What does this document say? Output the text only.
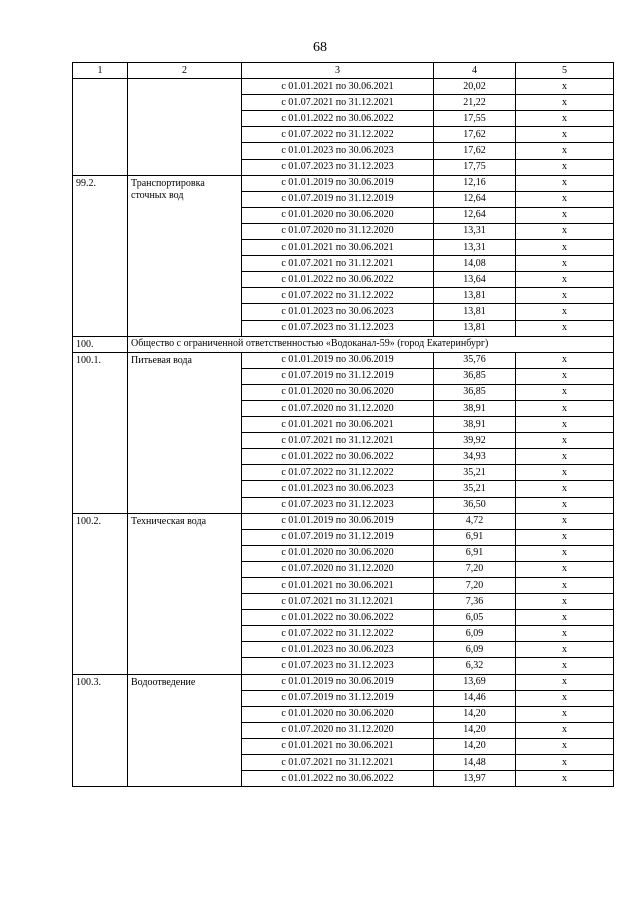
68
1	2	3	4	5
		с 01.01.2021 по 30.06.2021	20,02	x
		с 01.07.2021 по 31.12.2021	21,22	x
		с 01.01.2022 по 30.06.2022	17,55	x
		с 01.07.2022 по 31.12.2022	17,62	x
		с 01.01.2023 по 30.06.2023	17,62	x
		с 01.07.2023 по 31.12.2023	17,75	x
99.2.	Транспортировка сточных вод	с 01.01.2019 по 30.06.2019	12,16	x
		с 01.07.2019 по 31.12.2019	12,64	x
		с 01.01.2020 по 30.06.2020	12,64	x
		с 01.07.2020 по 31.12.2020	13,31	x
		с 01.01.2021 по 30.06.2021	13,31	x
		с 01.07.2021 по 31.12.2021	14,08	x
		с 01.01.2022 по 30.06.2022	13,64	x
		с 01.07.2022 по 31.12.2022	13,81	x
		с 01.01.2023 по 30.06.2023	13,81	x
		с 01.07.2023 по 31.12.2023	13,81	x
100.	Общество с ограниченной ответственностью «Водоканал-59» (город Екатеринбург)			
100.1.	Питьевая вода	с 01.01.2019 по 30.06.2019	35,76	x
		с 01.07.2019 по 31.12.2019	36,85	x
		с 01.01.2020 по 30.06.2020	36,85	x
		с 01.07.2020 по 31.12.2020	38,91	x
		с 01.01.2021 по 30.06.2021	38,91	x
		с 01.07.2021 по 31.12.2021	39,92	x
		с 01.01.2022 по 30.06.2022	34,93	x
		с 01.07.2022 по 31.12.2022	35,21	x
		с 01.01.2023 по 30.06.2023	35,21	x
		с 01.07.2023 по 31.12.2023	36,50	x
100.2.	Техническая вода	с 01.01.2019 по 30.06.2019	4,72	x
		с 01.07.2019 по 31.12.2019	6,91	x
		с 01.01.2020 по 30.06.2020	6,91	x
		с 01.07.2020 по 31.12.2020	7,20	x
		с 01.01.2021 по 30.06.2021	7,20	x
		с 01.07.2021 по 31.12.2021	7,36	x
		с 01.01.2022 по 30.06.2022	6,05	x
		с 01.07.2022 по 31.12.2022	6,09	x
		с 01.01.2023 по 30.06.2023	6,09	x
		с 01.07.2023 по 31.12.2023	6,32	x
100.3.	Водоотведение	с 01.01.2019 по 30.06.2019	13,69	x
		с 01.07.2019 по 31.12.2019	14,46	x
		с 01.01.2020 по 30.06.2020	14,20	x
		с 01.07.2020 по 31.12.2020	14,20	x
		с 01.01.2021 по 30.06.2021	14,20	x
		с 01.07.2021 по 31.12.2021	14,48	x
		с 01.01.2022 по 30.06.2022	13,97	x
